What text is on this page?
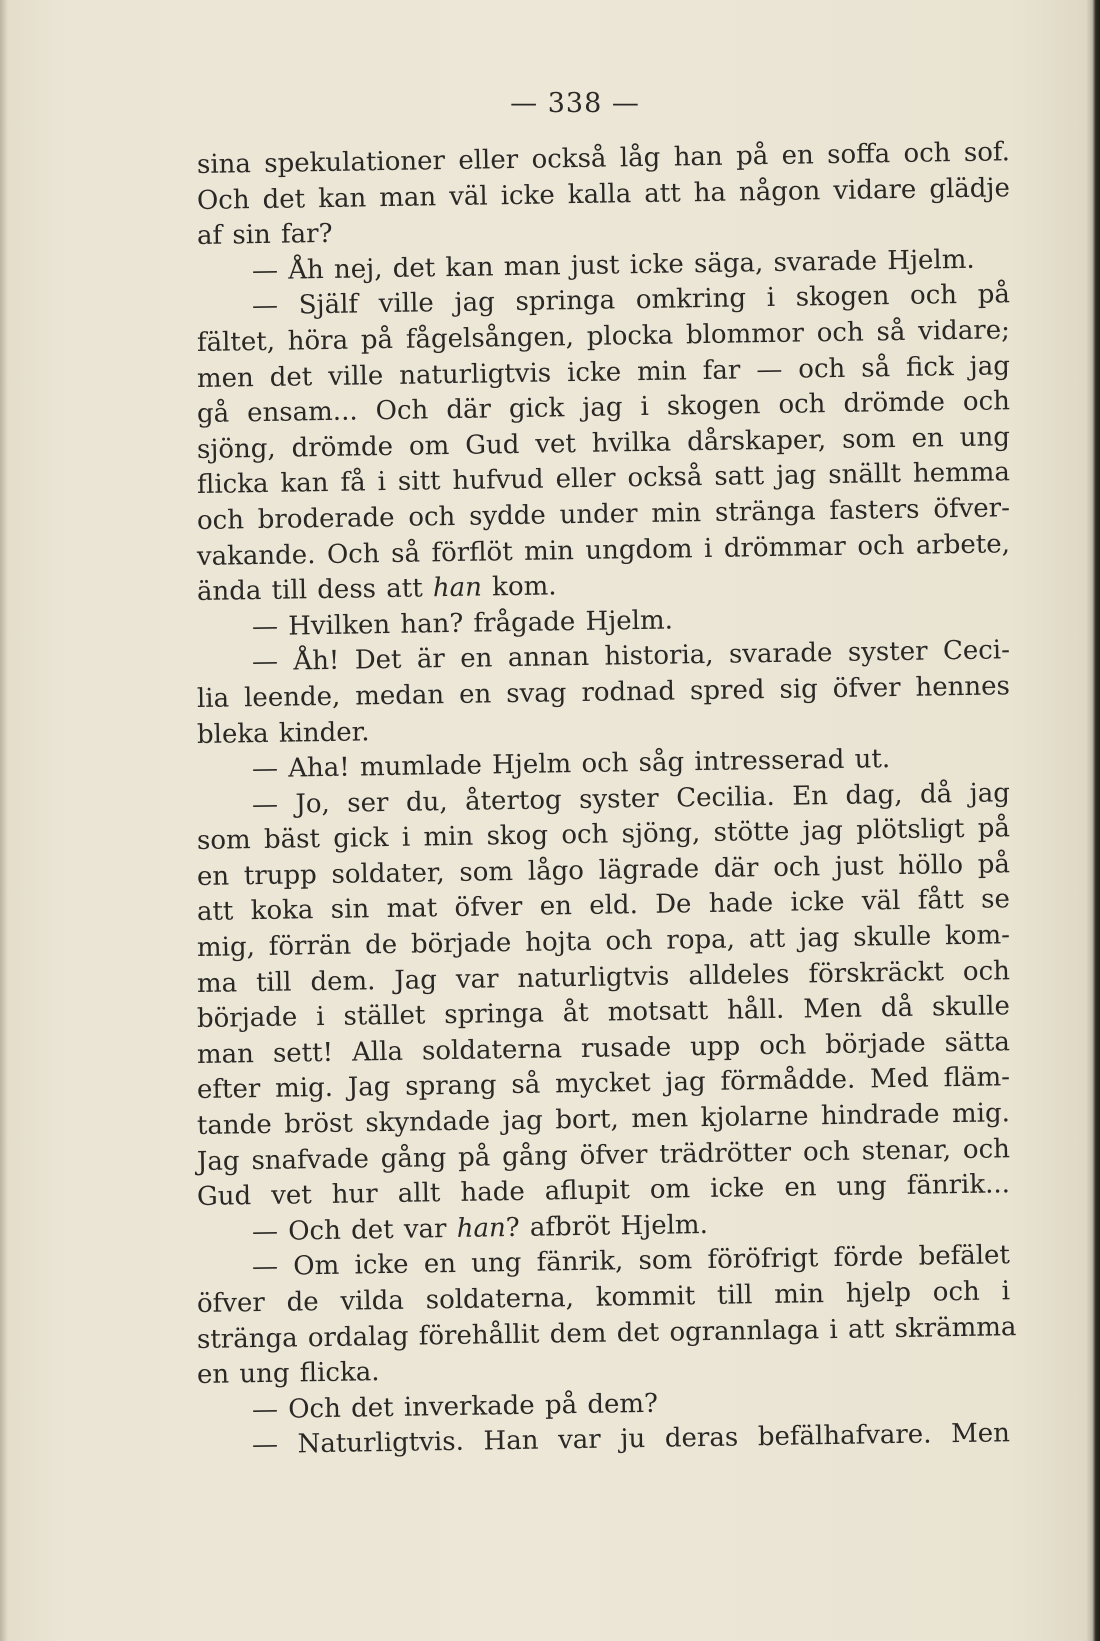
— 338 —
sina spekulationer eller också låg han på en soffa och sof.
Och det kan man väl icke kalla att ha någon vidare glädje
af sin far?
— Åh nej, det kan man just icke säga, svarade Hjelm.
— Själf ville jag springa omkring i skogen och på
fältet, höra på fågelsången, plocka blommor och så vidare;
men det ville naturligtvis icke min far — och så fick jag
gå ensam... Och där gick jag i skogen och drömde och
sjöng, drömde om Gud vet hvilka dårskaper, som en ung
flicka kan få i sitt hufvud eller också satt jag snällt hemma
och broderade och sydde under min stränga fasters öfver-
vakande. Och så förflöt min ungdom i drömmar och arbete,
ända till dess att han kom.
— Hvilken han? frågade Hjelm.
— Åh! Det är en annan historia, svarade syster Ceci-
lia leende, medan en svag rodnad spred sig öfver hennes
bleka kinder.
— Aha! mumlade Hjelm och såg intresserad ut.
— Jo, ser du, återtog syster Cecilia. En dag, då jag
som bäst gick i min skog och sjöng, stötte jag plötsligt på
en trupp soldater, som lågo lägrade där och just höllo på
att koka sin mat öfver en eld. De hade icke väl fått se
mig, förrän de började hojta och ropa, att jag skulle kom-
ma till dem. Jag var naturligtvis alldeles förskräckt och
började i stället springa åt motsatt håll. Men då skulle
man sett! Alla soldaterna rusade upp och började sätta
efter mig. Jag sprang så mycket jag förmådde. Med fläm-
tande bröst skyndade jag bort, men kjolarne hindrade mig.
Jag snafvade gång på gång öfver trädrötter och stenar, och
Gud vet hur allt hade aflupit om icke en ung fänrik...
— Och det var han? afbröt Hjelm.
— Om icke en ung fänrik, som föröfrigt förde befälet
öfver de vilda soldaterna, kommit till min hjelp och i
stränga ordalag förehållit dem det ogrannlaga i att skrämma
en ung flicka.
— Och det inverkade på dem?
— Naturligtvis. Han var ju deras befälhafvare. Men
